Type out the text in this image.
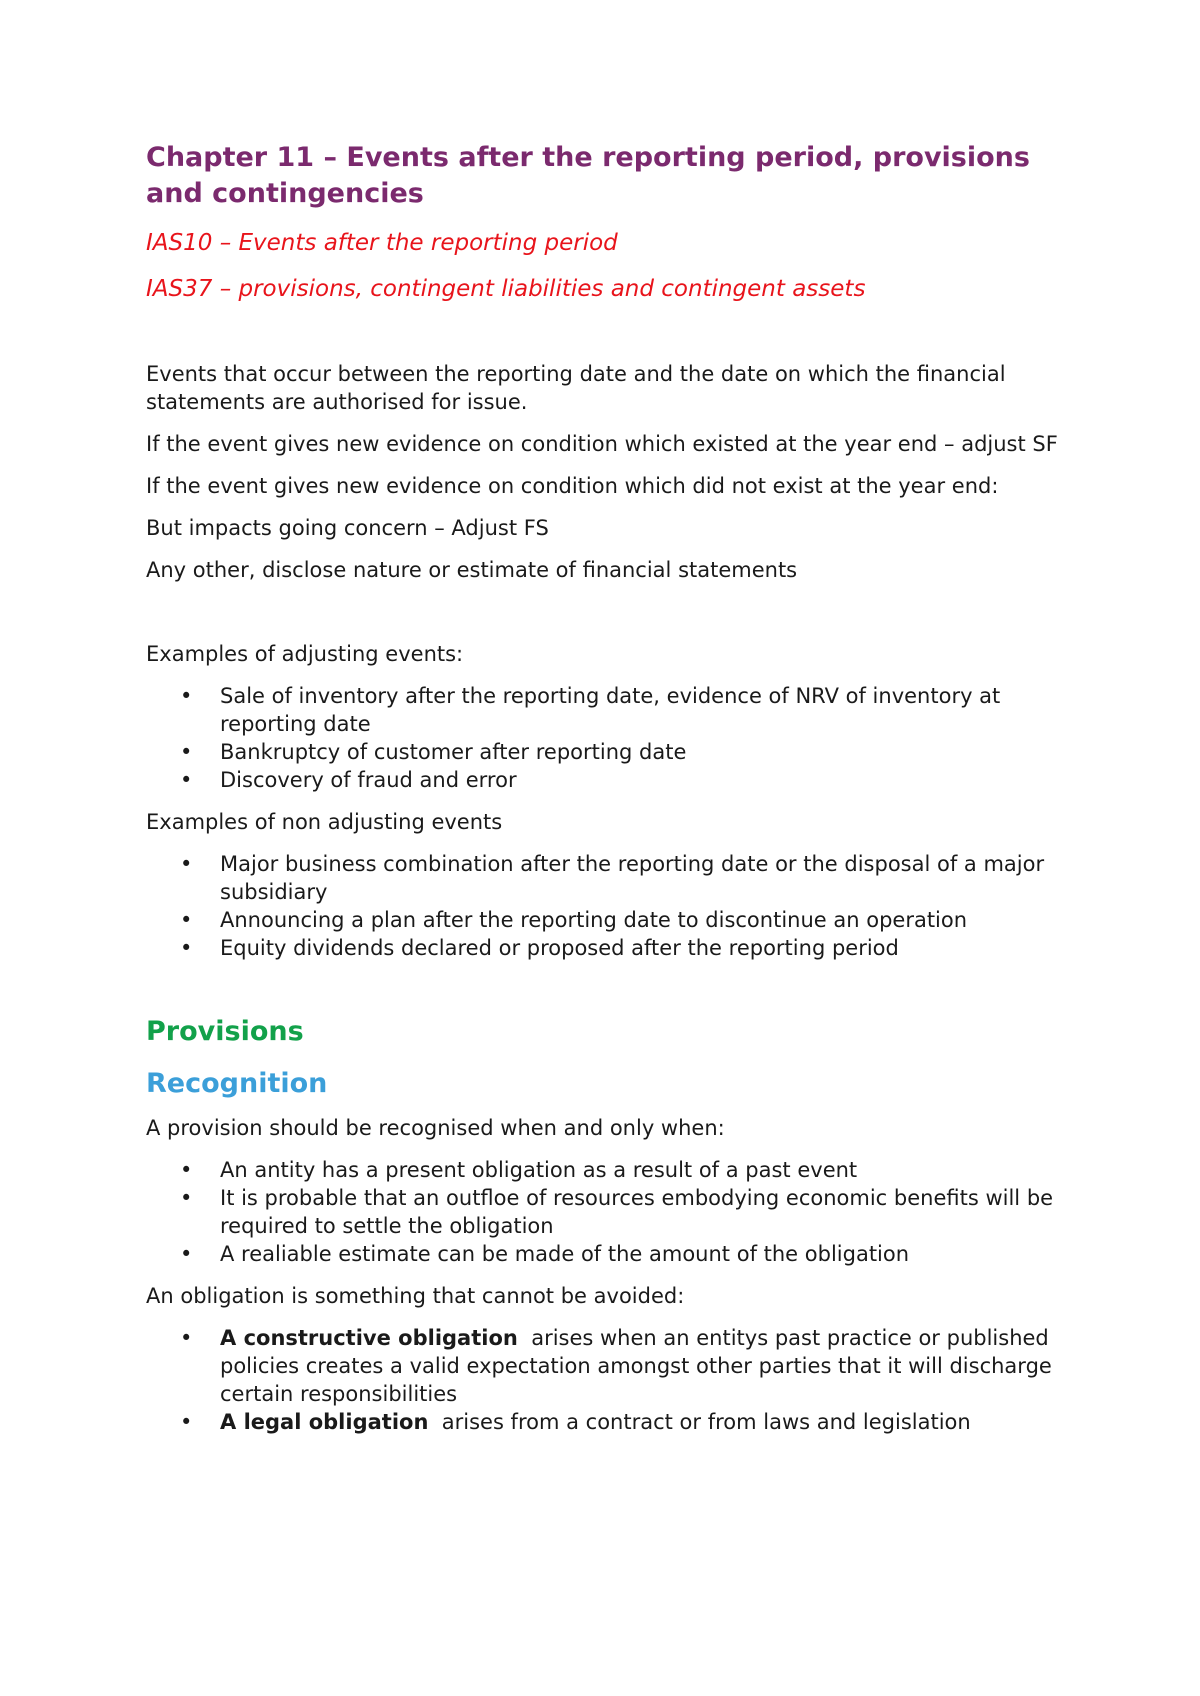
Chapter 11 – Events after the reporting period, provisions and contingencies
IAS10 – Events after the reporting period
IAS37 – provisions, contingent liabilities and contingent assets

Events that occur between the reporting date and the date on which the financial statements are authorised for issue.

If the event gives new evidence on condition which existed at the year end – adjust SF

If the event gives new evidence on condition which did not exist at the year end:

But impacts going concern – Adjust FS

Any other, disclose nature or estimate of financial statements

Examples of adjusting events:

• Sale of inventory after the reporting date, evidence of NRV of inventory at reporting date
• Bankruptcy of customer after reporting date
• Discovery of fraud and error

Examples of non adjusting events

• Major business combination after the reporting date or the disposal of a major subsidiary
• Announcing a plan after the reporting date to discontinue an operation
• Equity dividends declared or proposed after the reporting period
Provisions
Recognition

A provision should be recognised when and only when:

• An antity has a present obligation as a result of a past event
• It is probable that an outfloe of resources embodying economic benefits will be required to settle the obligation
• A realiable estimate can be made of the amount of the obligation

An obligation is something that cannot be avoided:

• A constructive obligation  arises when an entitys past practice or published policies creates a valid expectation amongst other parties that it will discharge certain responsibilities
• A legal obligation  arises from a contract or from laws and legislation
